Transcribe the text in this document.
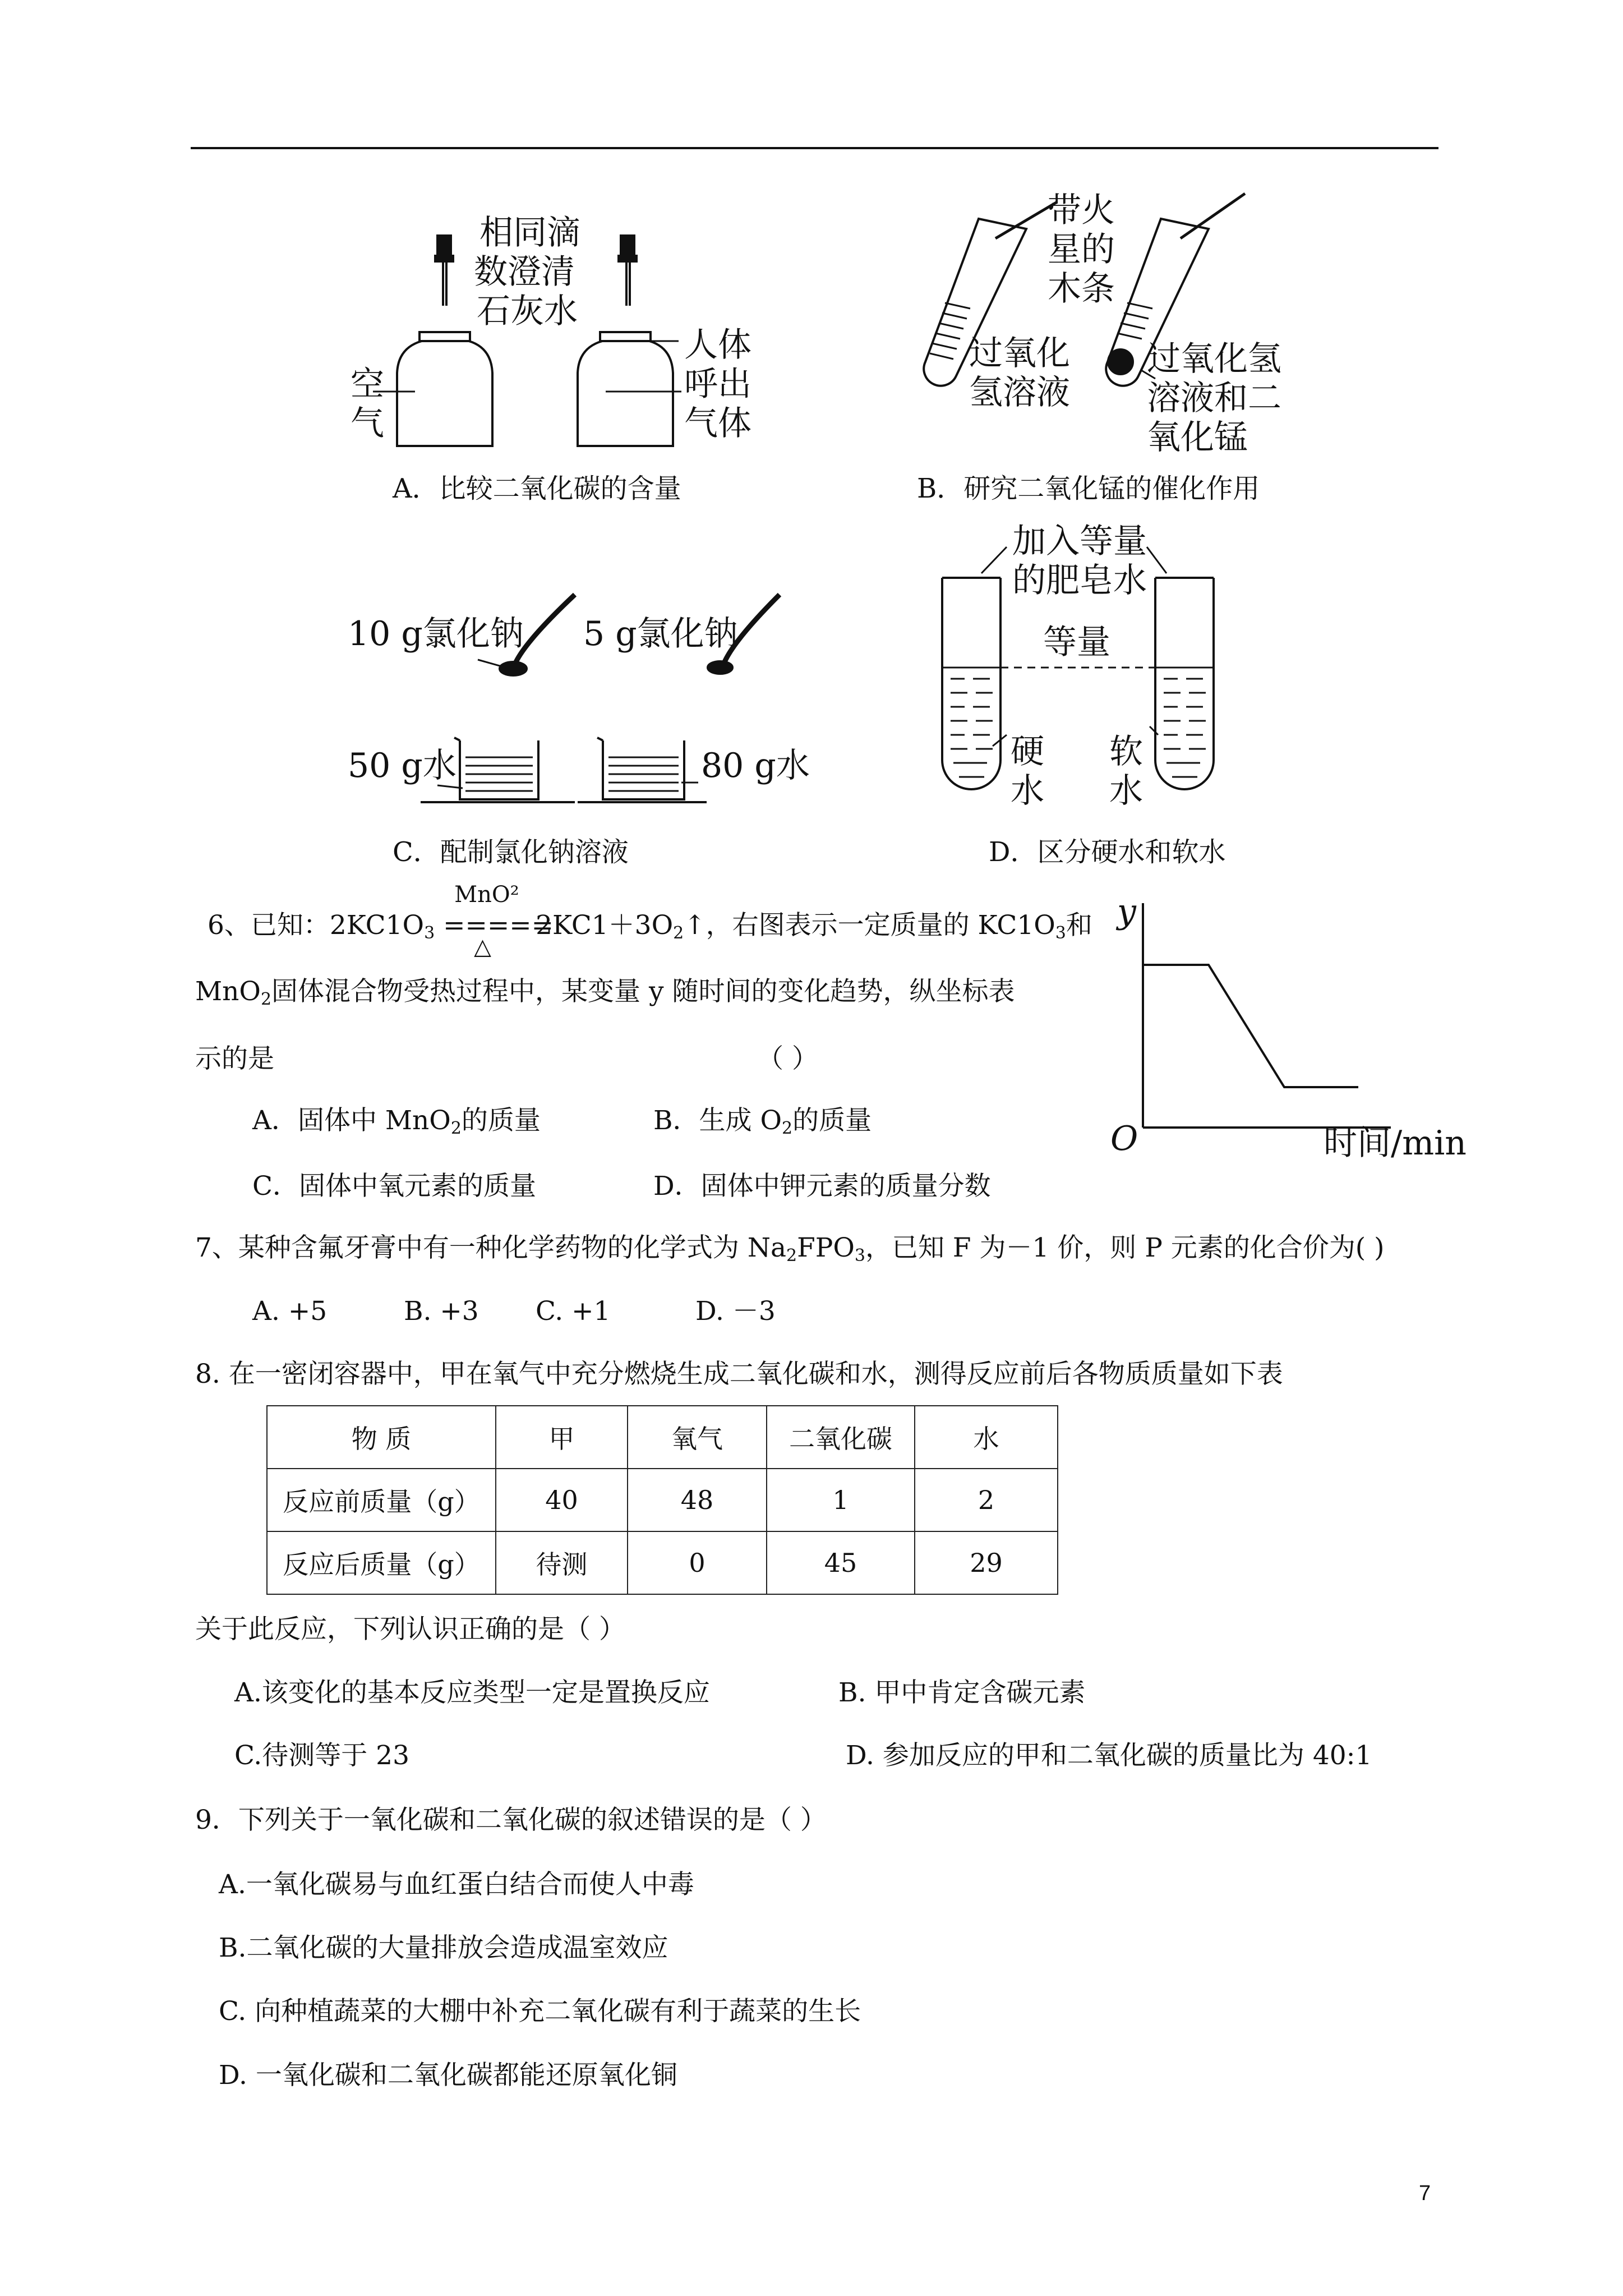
相同滴
数澄清
石灰水
空
气
人体
呼出
气体
A．比较二氧化碳的含量
带火
星的
木条
过氧化
氢溶液
过氧化氢
溶液和二
氧化锰
B．研究二氧化锰的催化作用
10 g氯化钠 5 g氯化钠
50 g水	80 g水
C．配制氯化钠溶液
加入等量
的肥皂水
等量
硬
水
软
水
D．区分硬水和软水
6、已知：$2KC1O_3$
MnO²
=====
△
$2KC1+3O_2↑$，右图表示一定质量的 $KC1O_3$和
MnO$_2$固体混合物受热过程中，某变量 y 随时间的变化趋势，纵坐标表
示的是	（ ）
A．固体中 MnO$_2$的质量	B．生成 $O_2$的质量
C．固体中氧元素的质量	D．固体中钾元素的质量分数
y
O	时间/min
7、某种含氟牙膏中有一种化学药物的化学式为 $Na_2FPO_3$，已知 F 为－1 价，则 P 元素的化合价为( )
A. +5	B. +3 C. +1	D. －3
8. 在一密闭容器中，甲在氧气中充分燃烧生成二氧化碳和水，测得反应前后各物质质量如下表
物 质	甲	氧气	二氧化碳	水
反应前质量（g）	40	48	1	2
反应后质量（g）	待测	0	45	29
关于此反应，下列认识正确的是（ ）
A.该变化的基本反应类型一定是置换反应	B. 甲中肯定含碳元素
C.待测等于 23	D. 参加反应的甲和二氧化碳的质量比为 40:1
9．下列关于一氧化碳和二氧化碳的叙述错误的是（ ）
A.一氧化碳易与血红蛋白结合而使人中毒
B.二氧化碳的大量排放会造成温室效应
C. 向种植蔬菜的大棚中补充二氧化碳有利于蔬菜的生长
D. 一氧化碳和二氧化碳都能还原氧化铜
7
